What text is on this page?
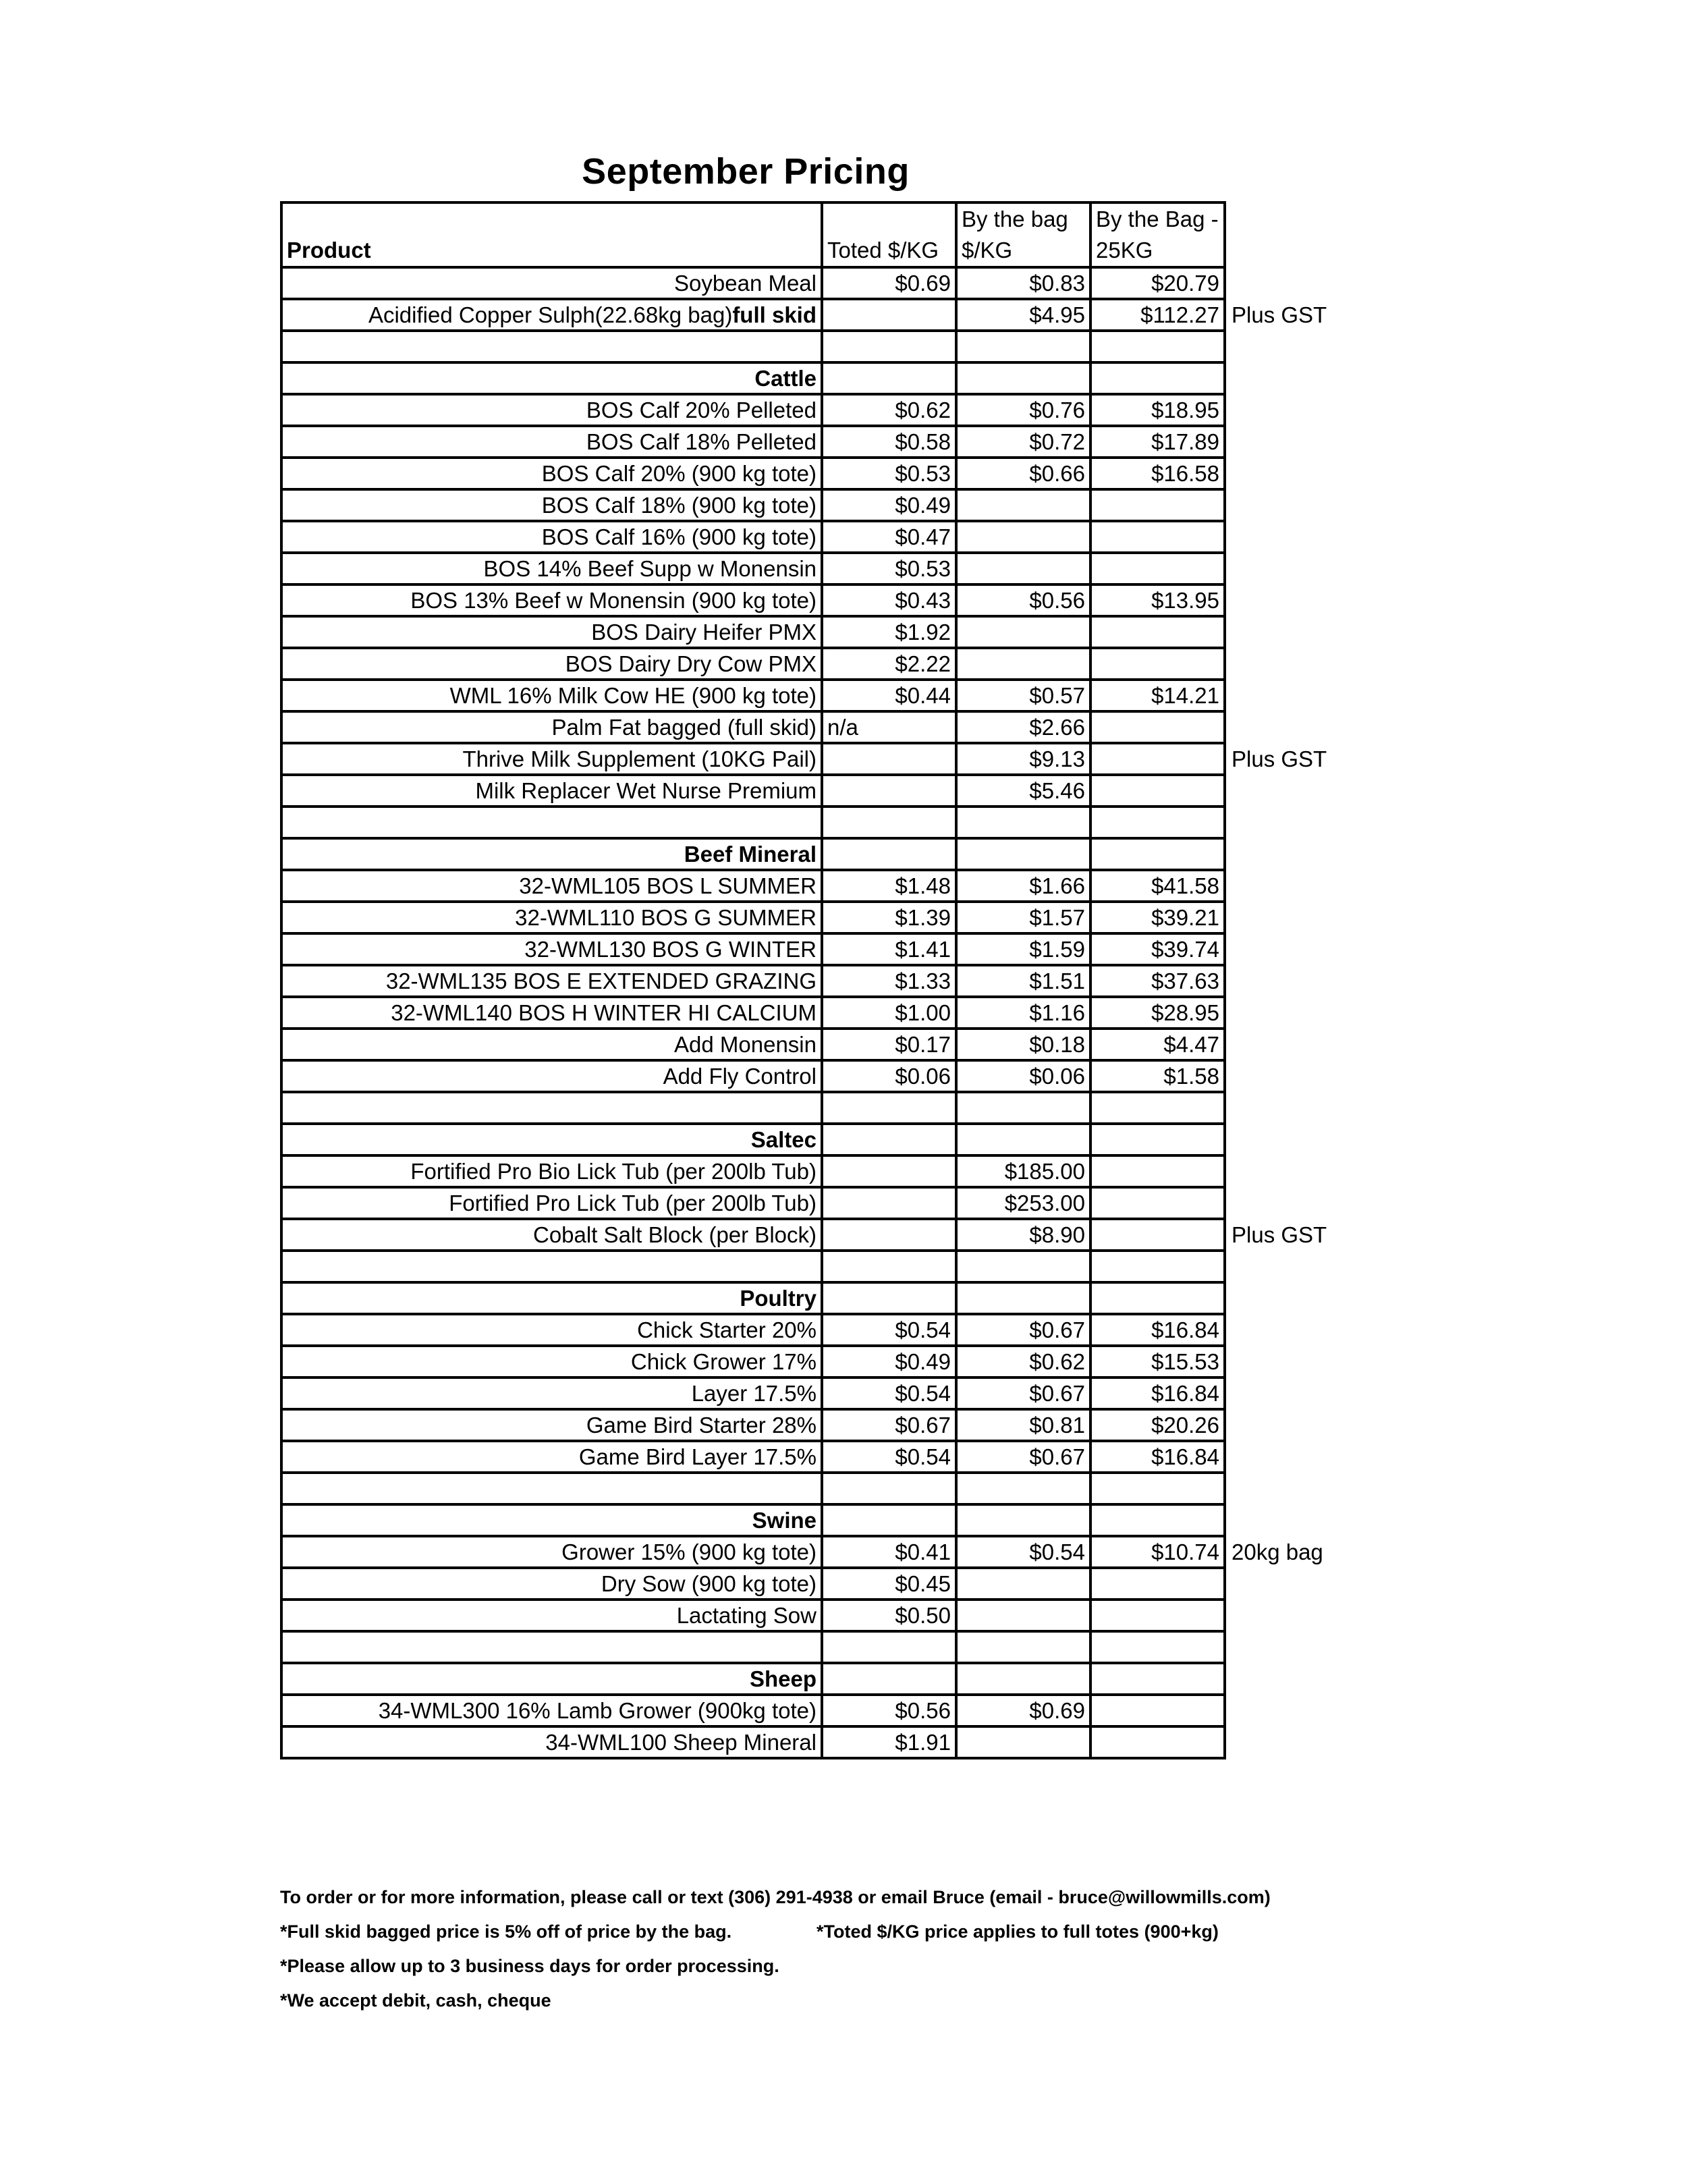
September Pricing
Product	Toted $/KG	By the bag $/KG	By the Bag - 25KG	
Soybean Meal	$0.69	$0.83	$20.79	
Acidified Copper Sulph(22.68kg bag)full skid		$4.95	$112.27	Plus GST

Cattle				
BOS Calf 20% Pelleted	$0.62	$0.76	$18.95	
BOS Calf 18% Pelleted	$0.58	$0.72	$17.89	
BOS Calf 20% (900 kg tote)	$0.53	$0.66	$16.58	
BOS Calf 18% (900 kg tote)	$0.49			
BOS Calf 16% (900 kg tote)	$0.47			
BOS 14% Beef Supp w Monensin	$0.53			
BOS 13% Beef w Monensin (900 kg tote)	$0.43	$0.56	$13.95	
BOS Dairy Heifer PMX	$1.92			
BOS Dairy Dry Cow PMX	$2.22			
WML 16% Milk Cow HE (900 kg tote)	$0.44	$0.57	$14.21	
Palm Fat bagged (full skid)	n/a	$2.66		
Thrive Milk Supplement (10KG Pail)		$9.13		Plus GST
Milk Replacer Wet Nurse Premium		$5.46		

Beef Mineral				
32-WML105 BOS L SUMMER	$1.48	$1.66	$41.58	
32-WML110 BOS G SUMMER	$1.39	$1.57	$39.21	
32-WML130 BOS G WINTER	$1.41	$1.59	$39.74	
32-WML135 BOS E EXTENDED GRAZING	$1.33	$1.51	$37.63	
32-WML140 BOS H WINTER HI CALCIUM	$1.00	$1.16	$28.95	
Add Monensin	$0.17	$0.18	$4.47	
Add Fly Control	$0.06	$0.06	$1.58	

Saltec				
Fortified Pro Bio Lick Tub (per 200lb Tub)		$185.00		
Fortified Pro Lick Tub (per 200lb Tub)		$253.00		
Cobalt Salt Block (per Block)		$8.90		Plus GST

Poultry				
Chick Starter 20%	$0.54	$0.67	$16.84	
Chick Grower 17%	$0.49	$0.62	$15.53	
Layer 17.5%	$0.54	$0.67	$16.84	
Game Bird Starter 28%	$0.67	$0.81	$20.26	
Game Bird Layer 17.5%	$0.54	$0.67	$16.84	

Swine				
Grower 15% (900 kg tote)	$0.41	$0.54	$10.74	20kg bag
Dry Sow (900 kg tote)	$0.45			
Lactating Sow	$0.50			

Sheep				
34-WML300 16% Lamb Grower (900kg tote)	$0.56	$0.69		
34-WML100 Sheep Mineral	$1.91			
To order or for more information, please call or text (306) 291-4938 or email Bruce (email - bruce@willowmills.com)
*Full skid bagged price is 5% off of price by the bag.	*Toted $/KG price applies to full totes (900+kg)
*Please allow up to 3 business days for order processing.
*We accept debit, cash, cheque
